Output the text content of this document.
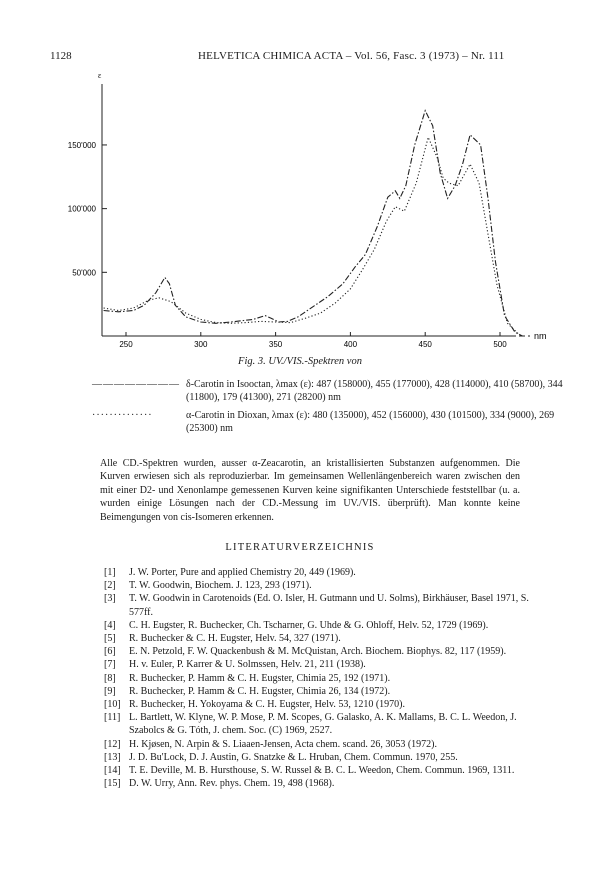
1128	HELVETICA CHIMICA ACTA – Vol. 56, Fasc. 3 (1973) – Nr. 111
ε
nm
50'000
100'000
150'000
250	300	350	400	450	500
Fig. 3. UV./VIS.-Spektren von
———————— δ-Carotin in Isooctan, λmax (ε): 487 (158000), 455 (177000), 428 (114000), 410 (58700), 344 (11800), 179 (41300), 271 (28200) nm
··············	α-Carotin in Dioxan, λmax (ε): 480 (135000), 452 (156000), 430 (101500), 334 (9000), 269 (25300) nm
Alle CD.-Spektren wurden, ausser α-Zeacarotin, an kristallisierten Substanzen aufgenommen. Die Kurven erwiesen sich als reproduzierbar. Im gemeinsamen Wellenlängenbereich waren zwischen den mit einer D2- und Xenonlampe gemessenen Kurven keine signifikanten Unterschiede feststellbar (u. a. wurden einige Lösungen nach der CD.-Messung im UV./VIS. überprüft). Man konnte keine Beimengungen von cis-Isomeren erkennen.
LITERATURVERZEICHNIS
[1] J. W. Porter, Pure and applied Chemistry 20, 449 (1969).
[2] T. W. Goodwin, Biochem. J. 123, 293 (1971).
[3] T. W. Goodwin in Carotenoids (Ed. O. Isler, H. Gutmann und U. Solms), Birkhäuser, Basel 1971, S. 577ff.
[4] C. H. Eugster, R. Buchecker, Ch. Tscharner, G. Uhde & G. Ohloff, Helv. 52, 1729 (1969).
[5] R. Buchecker & C. H. Eugster, Helv. 54, 327 (1971).
[6] E. N. Petzold, F. W. Quackenbush & M. McQuistan, Arch. Biochem. Biophys. 82, 117 (1959).
[7] H. v. Euler, P. Karrer & U. Solmssen, Helv. 21, 211 (1938).
[8] R. Buchecker, P. Hamm & C. H. Eugster, Chimia 25, 192 (1971).
[9] R. Buchecker, P. Hamm & C. H. Eugster, Chimia 26, 134 (1972).
[10] R. Buchecker, H. Yokoyama & C. H. Eugster, Helv. 53, 1210 (1970).
[11] L. Bartlett, W. Klyne, W. P. Mose, P. M. Scopes, G. Galasko, A. K. Mallams, B. C. L. Weedon, J. Szabolcs & G. Tóth, J. chem. Soc. (C) 1969, 2527.
[12] H. Kjøsen, N. Arpin & S. Liaaen-Jensen, Acta chem. scand. 26, 3053 (1972).
[13] J. D. Bu'Lock, D. J. Austin, G. Snatzke & L. Hruban, Chem. Commun. 1970, 255.
[14] T. E. Deville, M. B. Hursthouse, S. W. Russel & B. C. L. Weedon, Chem. Commun. 1969, 1311.
[15] D. W. Urry, Ann. Rev. phys. Chem. 19, 498 (1968).
